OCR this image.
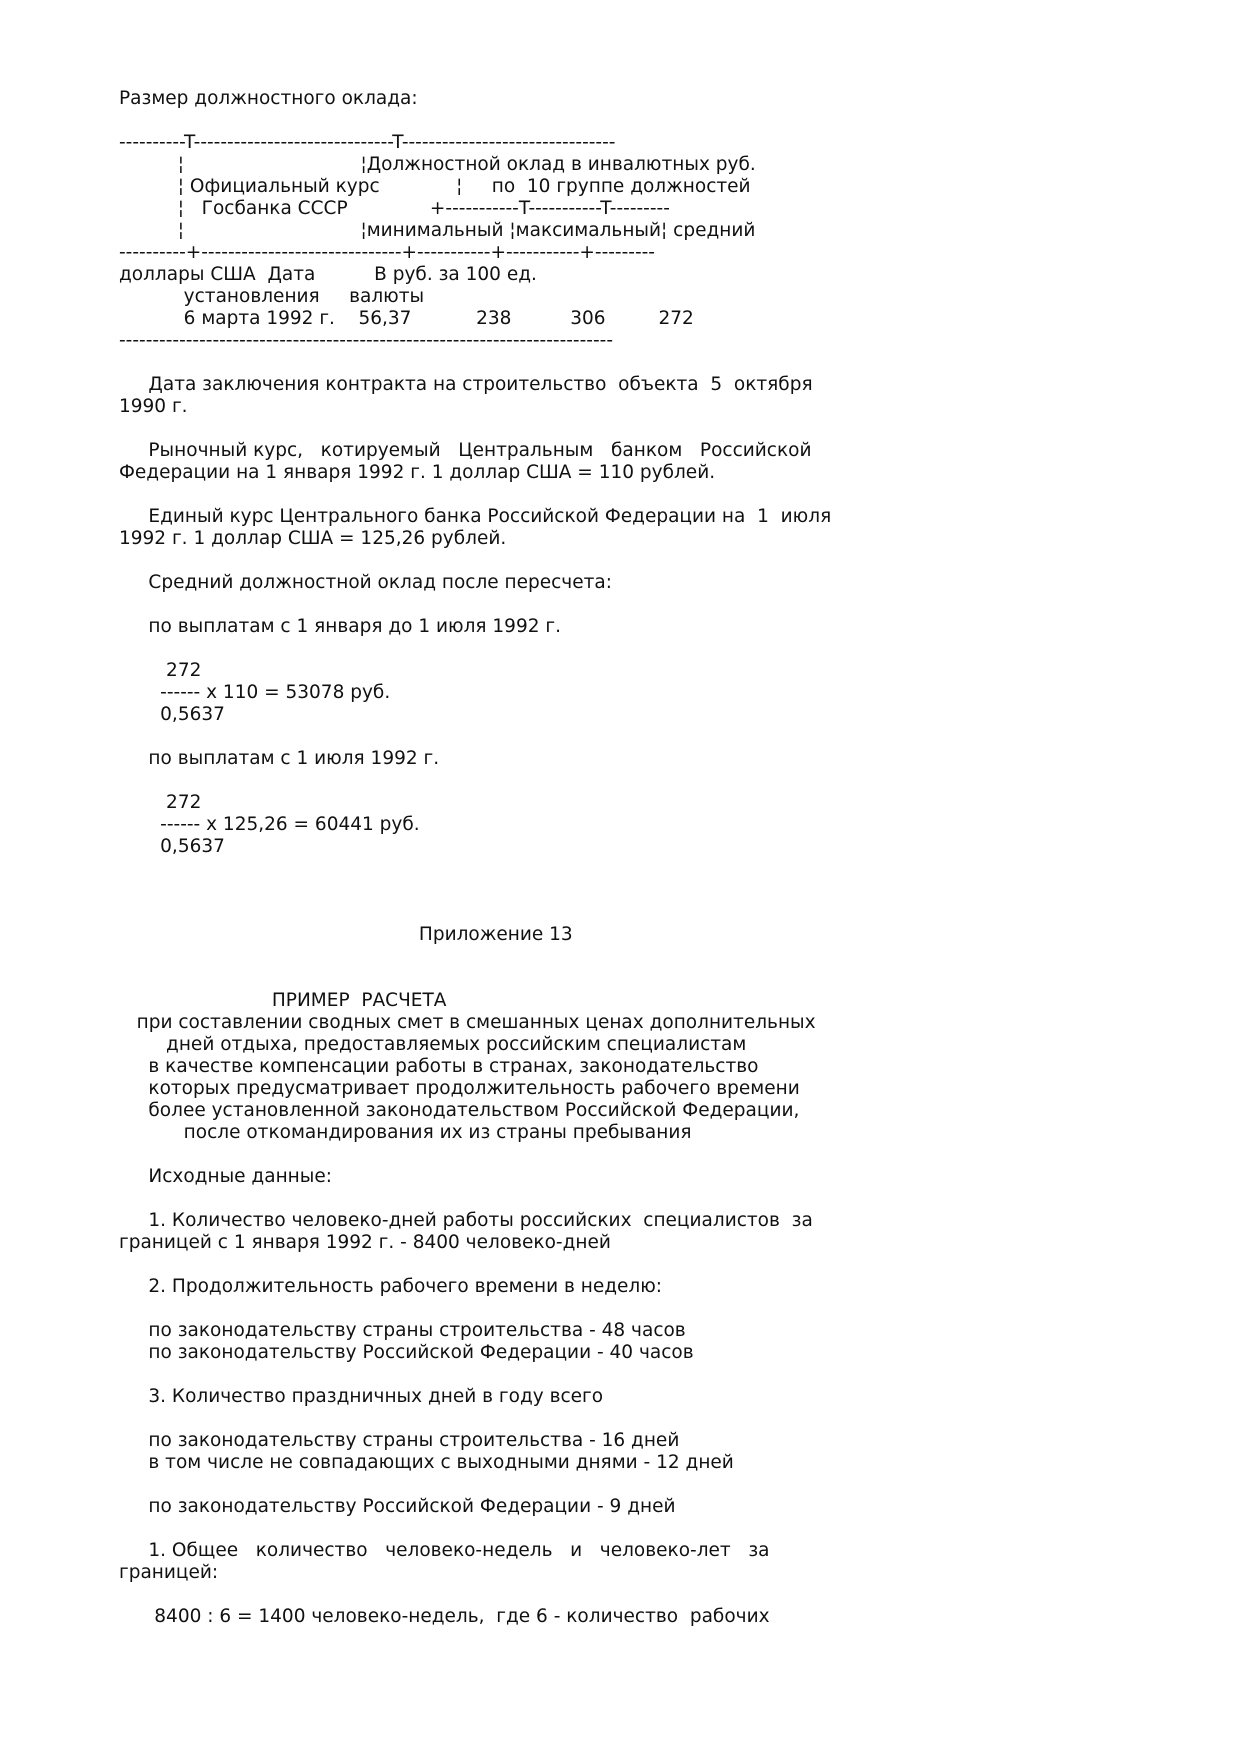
Размер должностного оклада:
----------T------------------------------T--------------------------------
¦                              ¦Должностной оклад в инвалютных руб.
¦ Официальный курс             ¦     по  10 группе должностей
¦   Госбанка СССР              +-----------T-----------T---------
¦                              ¦минимальный ¦максимальный¦ средний
----------+------------------------------+-----------+-----------+---------
доллары США  Дата          В руб. за 100 ед.
установления     валюты
6 марта 1992 г.    56,37           238          306         272
--------------------------------------------------------------------------
Дата заключения контракта на строительство  объекта  5  октября
1990 г.
Рыночный курс,   котируемый   Центральным   банком   Российской
Федерации на 1 января 1992 г. 1 доллар США = 110 рублей.
Единый курс Центрального банка Российской Федерации на  1  июля
1992 г. 1 доллар США = 125,26 рублей.
Средний должностной оклад после пересчета:
по выплатам с 1 января до 1 июля 1992 г.
272
------ х 110 = 53078 руб.
0,5637
по выплатам с 1 июля 1992 г.
272
------ х 125,26 = 60441 руб.
0,5637
Приложение 13
ПРИМЕР  РАСЧЕТА
при составлении сводных смет в смешанных ценах дополнительных
дней отдыха, предоставляемых российским специалистам
в качестве компенсации работы в странах, законодательство
которых предусматривает продолжительность рабочего времени
более установленной законодательством Российской Федерации,
после откомандирования их из страны пребывания
Исходные данные:
1. Количество человеко-дней работы российских  специалистов  за
границей с 1 января 1992 г. - 8400 человеко-дней
2. Продолжительность рабочего времени в неделю:
по законодательству страны строительства - 48 часов
по законодательству Российской Федерации - 40 часов
3. Количество праздничных дней в году всего
по законодательству страны строительства - 16 дней
в том числе не совпадающих с выходными днями - 12 дней
по законодательству Российской Федерации - 9 дней
1. Общее   количество   человеко-недель   и   человеко-лет   за
границей:
8400 : 6 = 1400 человеко-недель,  где 6 - количество  рабочих
